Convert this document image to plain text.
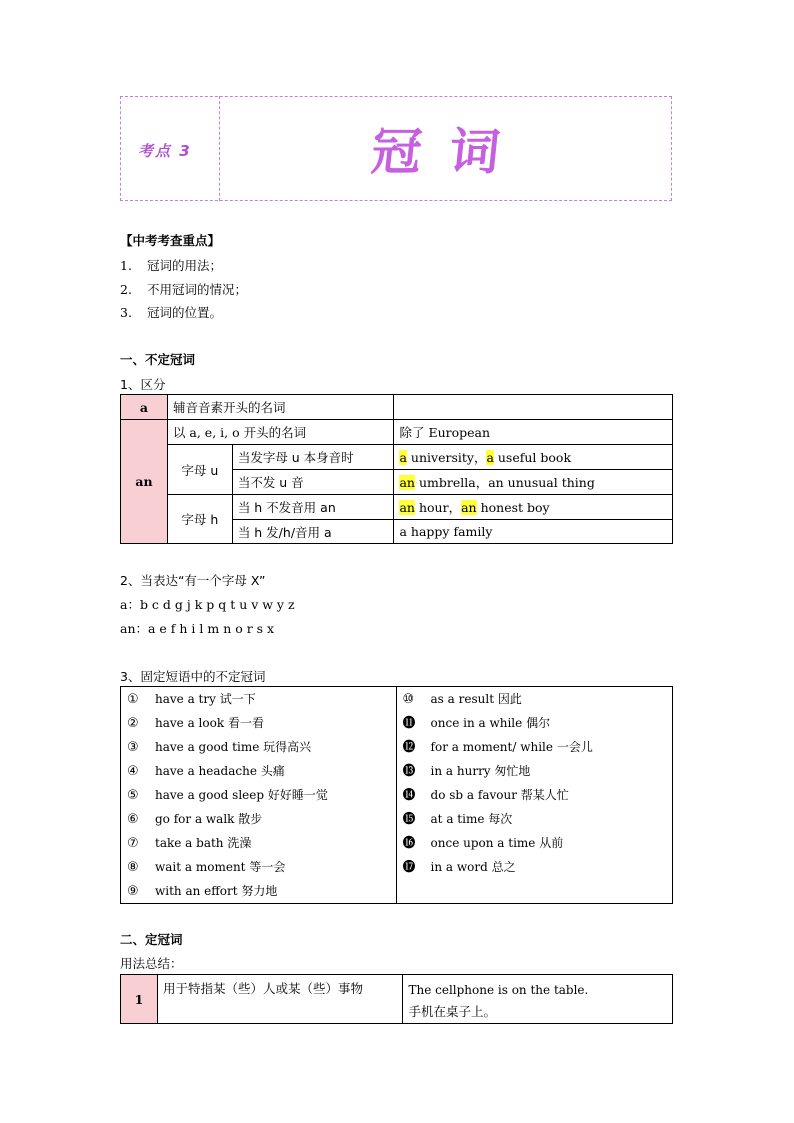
考点 3	冠词
【中考考查重点】
1. 冠词的用法；
2. 不用冠词的情况；
3. 冠词的位置。
一、不定冠词
1、区分
a	辅音音素开头的名词		
an	以 a, e, i, o 开头的名词		除了 European
	字母 u	当发字母 u 本身音时	a university，a useful book
		当不发 u 音	an umbrella，an unusual thing
	字母 h	当 h 不发音用 an	an hour，an honest boy
		当 h 发/h/音用 a	a happy family
2、当表达“有一个字母 X”
a：b c d g j k p q t u v w y z
an：a e f h i l m n o r s x
3、固定短语中的不定冠词
① have a try 试一下
② have a look 看一看
③ have a good time 玩得高兴
④ have a headache 头痛
⑤ have a good sleep 好好睡一觉
⑥ go for a walk 散步
⑦ take a bath 洗澡
⑧ wait a moment 等一会
⑨ with an effort 努力地

⑩ as a result 因此
⓫ once in a while 偶尔
⓬ for a moment/ while 一会儿
⓭ in a hurry 匆忙地
⓮ do sb a favour 帮某人忙
⓯ at a time 每次
⓰ once upon a time 从前
⓱ in a word 总之
二、定冠词
用法总结：
1	用于特指某（些）人或某（些）事物	The cellphone is on the table.
手机在桌子上。
